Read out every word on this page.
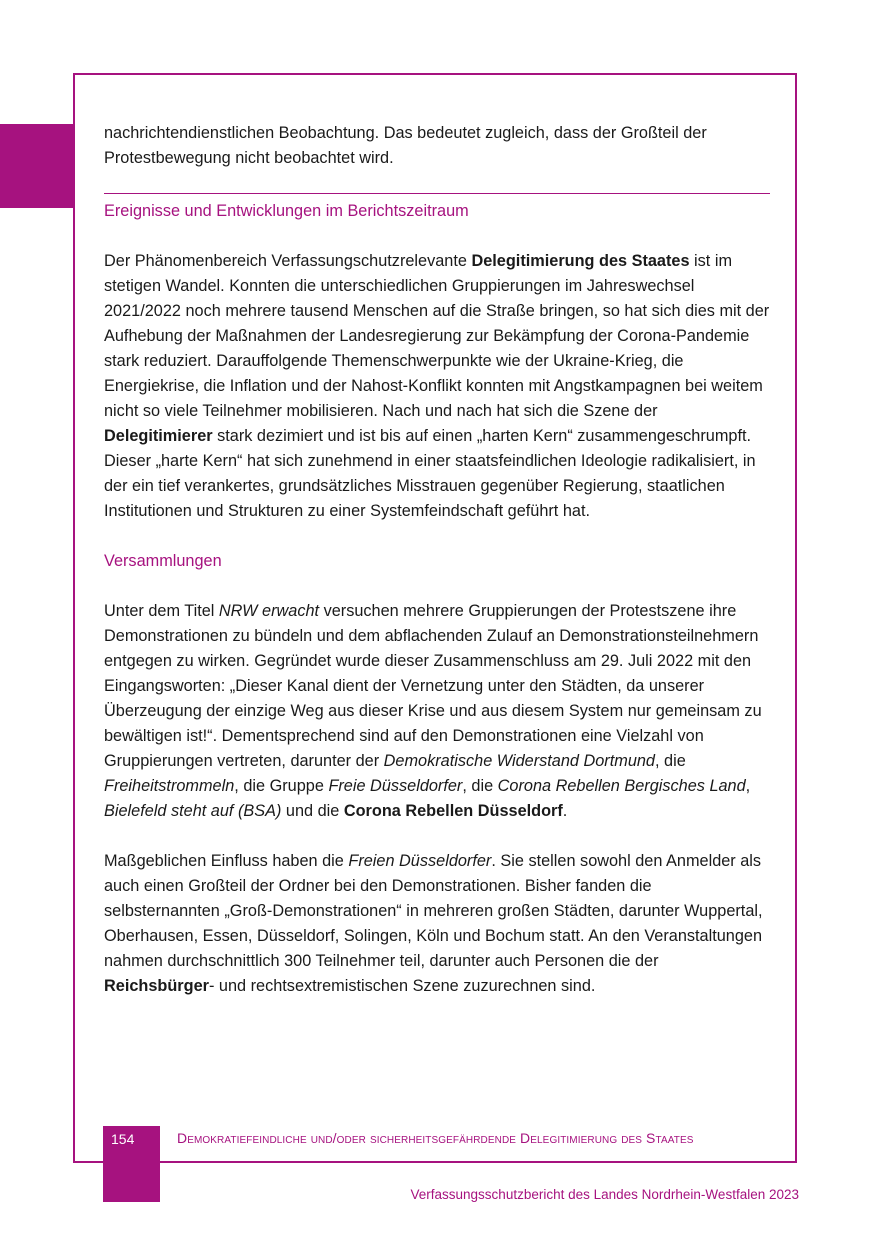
nachrichtendienstlichen Beobachtung. Das bedeutet zugleich, dass der Großteil der Protestbewegung nicht beobachtet wird.

Ereignisse und Entwicklungen im Berichtszeitraum

Der Phänomenbereich Verfassungschutzrelevante Delegitimierung des Staates ist im stetigen Wandel. Konnten die unterschiedlichen Gruppierungen im Jahreswechsel 2021/2022 noch mehrere tausend Menschen auf die Straße bringen, so hat sich dies mit der Aufhebung der Maßnahmen der Landesregierung zur Bekämpfung der Corona-Pandemie stark reduziert. Darauffolgende Themenschwerpunkte wie der Ukraine-Krieg, die Energiekrise, die Inflation und der Nahost-Konflikt konnten mit Angstkampagnen bei weitem nicht so viele Teilnehmer mobilisieren. Nach und nach hat sich die Szene der Delegitimierer stark dezimiert und ist bis auf einen „harten Kern“ zusammengeschrumpft. Dieser „harte Kern“ hat sich zunehmend in einer staatsfeindlichen Ideologie radikalisiert, in der ein tief verankertes, grundsätzliches Misstrauen gegenüber Regierung, staatlichen Institutionen und Strukturen zu einer Systemfeindschaft geführt hat.

Versammlungen

Unter dem Titel NRW erwacht versuchen mehrere Gruppierungen der Protestszene ihre Demonstrationen zu bündeln und dem abflachenden Zulauf an Demonstrationsteilnehmern entgegen zu wirken. Gegründet wurde dieser Zusammenschluss am 29. Juli 2022 mit den Eingangsworten: „Dieser Kanal dient der Vernetzung unter den Städten, da unserer Überzeugung der einzige Weg aus dieser Krise und aus diesem System nur gemeinsam zu bewältigen ist!“. Dementsprechend sind auf den Demonstrationen eine Vielzahl von Gruppierungen vertreten, darunter der Demokratische Widerstand Dortmund, die Freiheitstrommeln, die Gruppe Freie Düsseldorfer, die Corona Rebellen Bergisches Land, Bielefeld steht auf (BSA) und die Corona Rebellen Düsseldorf.

Maßgeblichen Einfluss haben die Freien Düsseldorfer. Sie stellen sowohl den Anmelder als auch einen Großteil der Ordner bei den Demonstrationen. Bisher fanden die selbsternannten „Groß-Demonstrationen“ in mehreren großen Städten, darunter Wuppertal, Oberhausen, Essen, Düsseldorf, Solingen, Köln und Bochum statt. An den Veranstaltungen nahmen durchschnittlich 300 Teilnehmer teil, darunter auch Personen die der Reichsbürger- und rechtsextremistischen Szene zuzurechnen sind.

154	Demokratiefeindliche und/oder sicherheitsgefährdende Delegitimierung des Staates
Verfassungsschutzbericht des Landes Nordrhein-Westfalen 2023
